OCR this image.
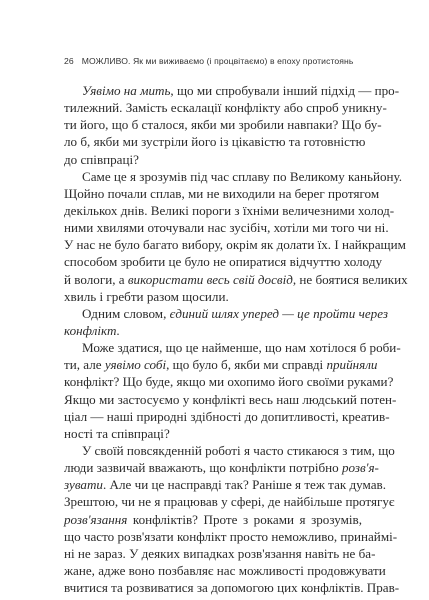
26 МОЖЛИВО. Як ми виживаємо (і процвітаємо) в епоху протистоянь
Уявімо на мить, що ми спробували інший підхід — про-
тилежний. Замість ескалації конфлікту або спроб уникну-
ти його, що б сталося, якби ми зробили навпаки? Що бу-
ло б, якби ми зустріли його із цікавістю та готовністю
до співпраці?
Саме це я зрозумів під час сплаву по Великому каньйону.
Щойно почали сплав, ми не виходили на берег протягом
декількох днів. Великі пороги з їхніми величезними холод-
ними хвилями оточували нас зусібіч, хотіли ми того чи ні.
У нас не було багато вибору, окрім як долати їх. І найкращим
способом зробити це було не опиратися відчуттю холоду
й вологи, а використати весь свій досвід, не боятися великих
хвиль і гребти разом щосили.
Одним словом, єдиний шлях уперед — це пройти через
конфлікт.
Може здатися, що це найменше, що нам хотілося б роби-
ти, але уявімо собі, що було б, якби ми справді прийняли
конфлікт? Що буде, якщо ми охопимо його своїми руками?
Якщо ми застосуємо у конфлікті весь наш людський потен-
ціал — наші природні здібності до допитливості, креатив-
ності та співпраці?
У своїй повсякденній роботі я часто стикаюся з тим, що
люди зазвичай вважають, що конфлікти потрібно розв'я-
зувати. Але чи це насправді так? Раніше я теж так думав.
Зрештою, чи не я працював у сфері, де найбільше протягує
розв'язання конфліктів? Проте з роками я зрозумів,
що часто розв'язати конфлікт просто неможливо, принаймі-
ні не зараз. У деяких випадках розв'язання навіть не ба-
жане, адже воно позбавляє нас можливості продовжувати
вчитися та розвиватися за допомогою цих конфліктів. Прав-
